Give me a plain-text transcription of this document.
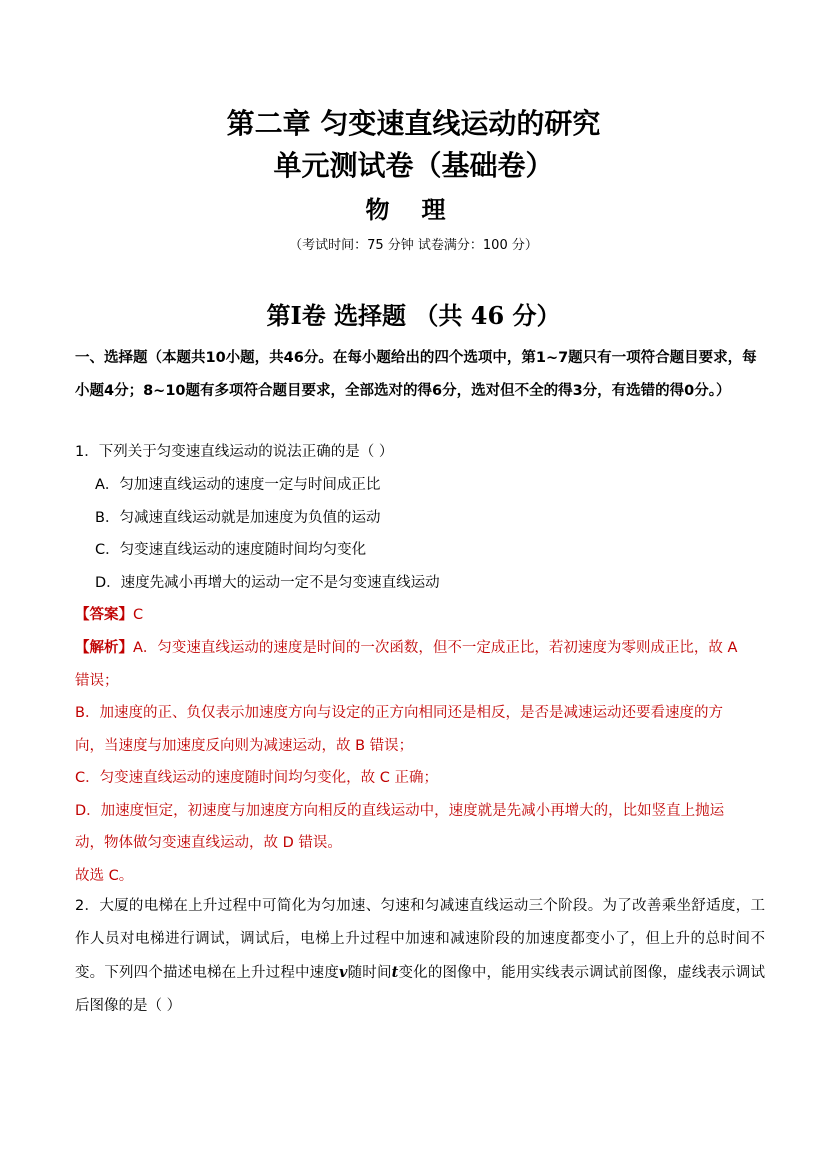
第二章 匀变速直线运动的研究
单元测试卷（基础卷）
物理
（考试时间：75 分钟 试卷满分：100 分）
第Ⅰ卷 选择题 （共 46 分）
一、选择题（本题共10小题，共46分。在每小题给出的四个选项中，第1~7题只有一项符合题目要求，每小题4分；8~10题有多项符合题目要求，全部选对的得6分，选对但不全的得3分，有选错的得0分。）
1．下列关于匀变速直线运动的说法正确的是（ ）
A．匀加速直线运动的速度一定与时间成正比
B．匀减速直线运动就是加速度为负值的运动
C．匀变速直线运动的速度随时间均匀变化
D．速度先减小再增大的运动一定不是匀变速直线运动
【答案】C
【解析】A．匀变速直线运动的速度是时间的一次函数，但不一定成正比，若初速度为零则成正比，故 A
错误；
B．加速度的正、负仅表示加速度方向与设定的正方向相同还是相反，是否是减速运动还要看速度的方
向，当速度与加速度反向则为减速运动，故 B 错误；
C．匀变速直线运动的速度随时间均匀变化，故 C 正确；
D．加速度恒定，初速度与加速度方向相反的直线运动中，速度就是先减小再增大的，比如竖直上抛运
动，物体做匀变速直线运动，故 D 错误。
故选 C。
2．大厦的电梯在上升过程中可简化为匀加速、匀速和匀减速直线运动三个阶段。为了改善乘坐舒适度，工作人员对电梯进行调试，调试后，电梯上升过程中加速和减速阶段的加速度都变小了，但上升的总时间不变。下列四个描述电梯在上升过程中速度v随时间t变化的图像中，能用实线表示调试前图像，虚线表示调试后图像的是（ ）
